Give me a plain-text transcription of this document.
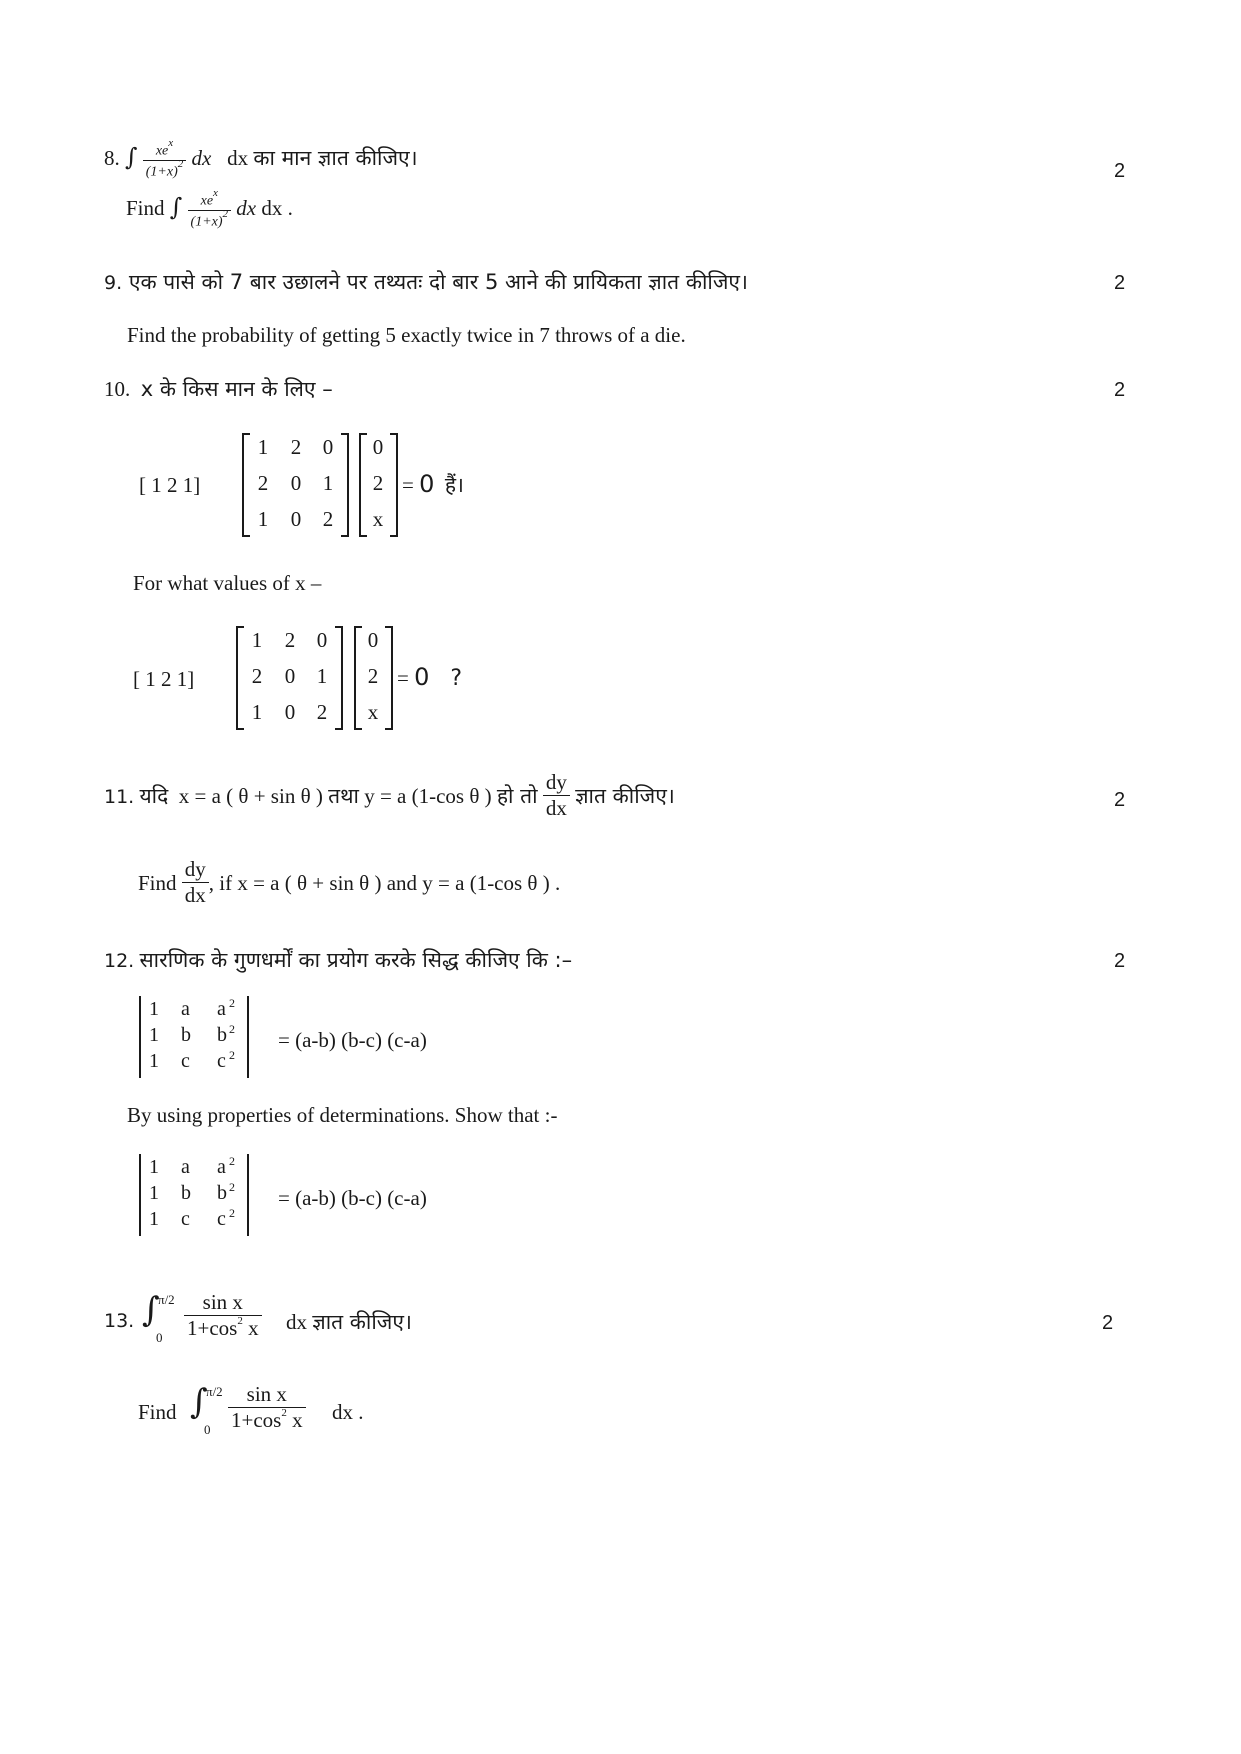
8. ∫ $\frac{xe^x}{(1+x)^2}$ dx dx का मान ज्ञात कीजिए।
2
Find ∫ $\frac{xe^x}{(1+x)^2}$ dx dx .
9. एक पासे को 7 बार उछालने पर तथ्यतः दो बार 5 आने की प्रायिकता ज्ञात कीजिए।	2
Find the probability of getting 5 exactly twice in 7 throws of a die.
10. x के किस मान के लिए –	2
[ 1 2 1]
1	2	0
2	0	1
1	0	2
0
2
x
= 0 हैं।
For what values of x –
[ 1 2 1]
1	2	0
2	0	1
1	0	2
0
2
x
= 0 ?
11. यदि x = a ( θ + sin θ ) तथा y = a (1-cos θ ) हो तो $\frac{dy}{dx}$ ज्ञात कीजिए।	2
Find $\frac{dy}{dx}$ , if x = a ( θ + sin θ ) and y = a (1-cos θ ) .
12. सारणिक के गुणधर्मों का प्रयोग करके सिद्ध कीजिए कि :–	2
1 a a 2
1 b b 2
1 c c 2
= (a-b) (b-c) (c-a)
By using properties of determinations. Show that :-
1 a a 2
1 b b 2
1 c c 2
= (a-b) (b-c) (c-a)
13. ∫
π/2
$0 \frac{\text{sin x}}{1+\cos^2 x}$ dx ज्ञात कीजिए।	2
Find ∫
π/2
$0 \frac{\text{sin x}}{1+\cos^2 x}$ dx .
